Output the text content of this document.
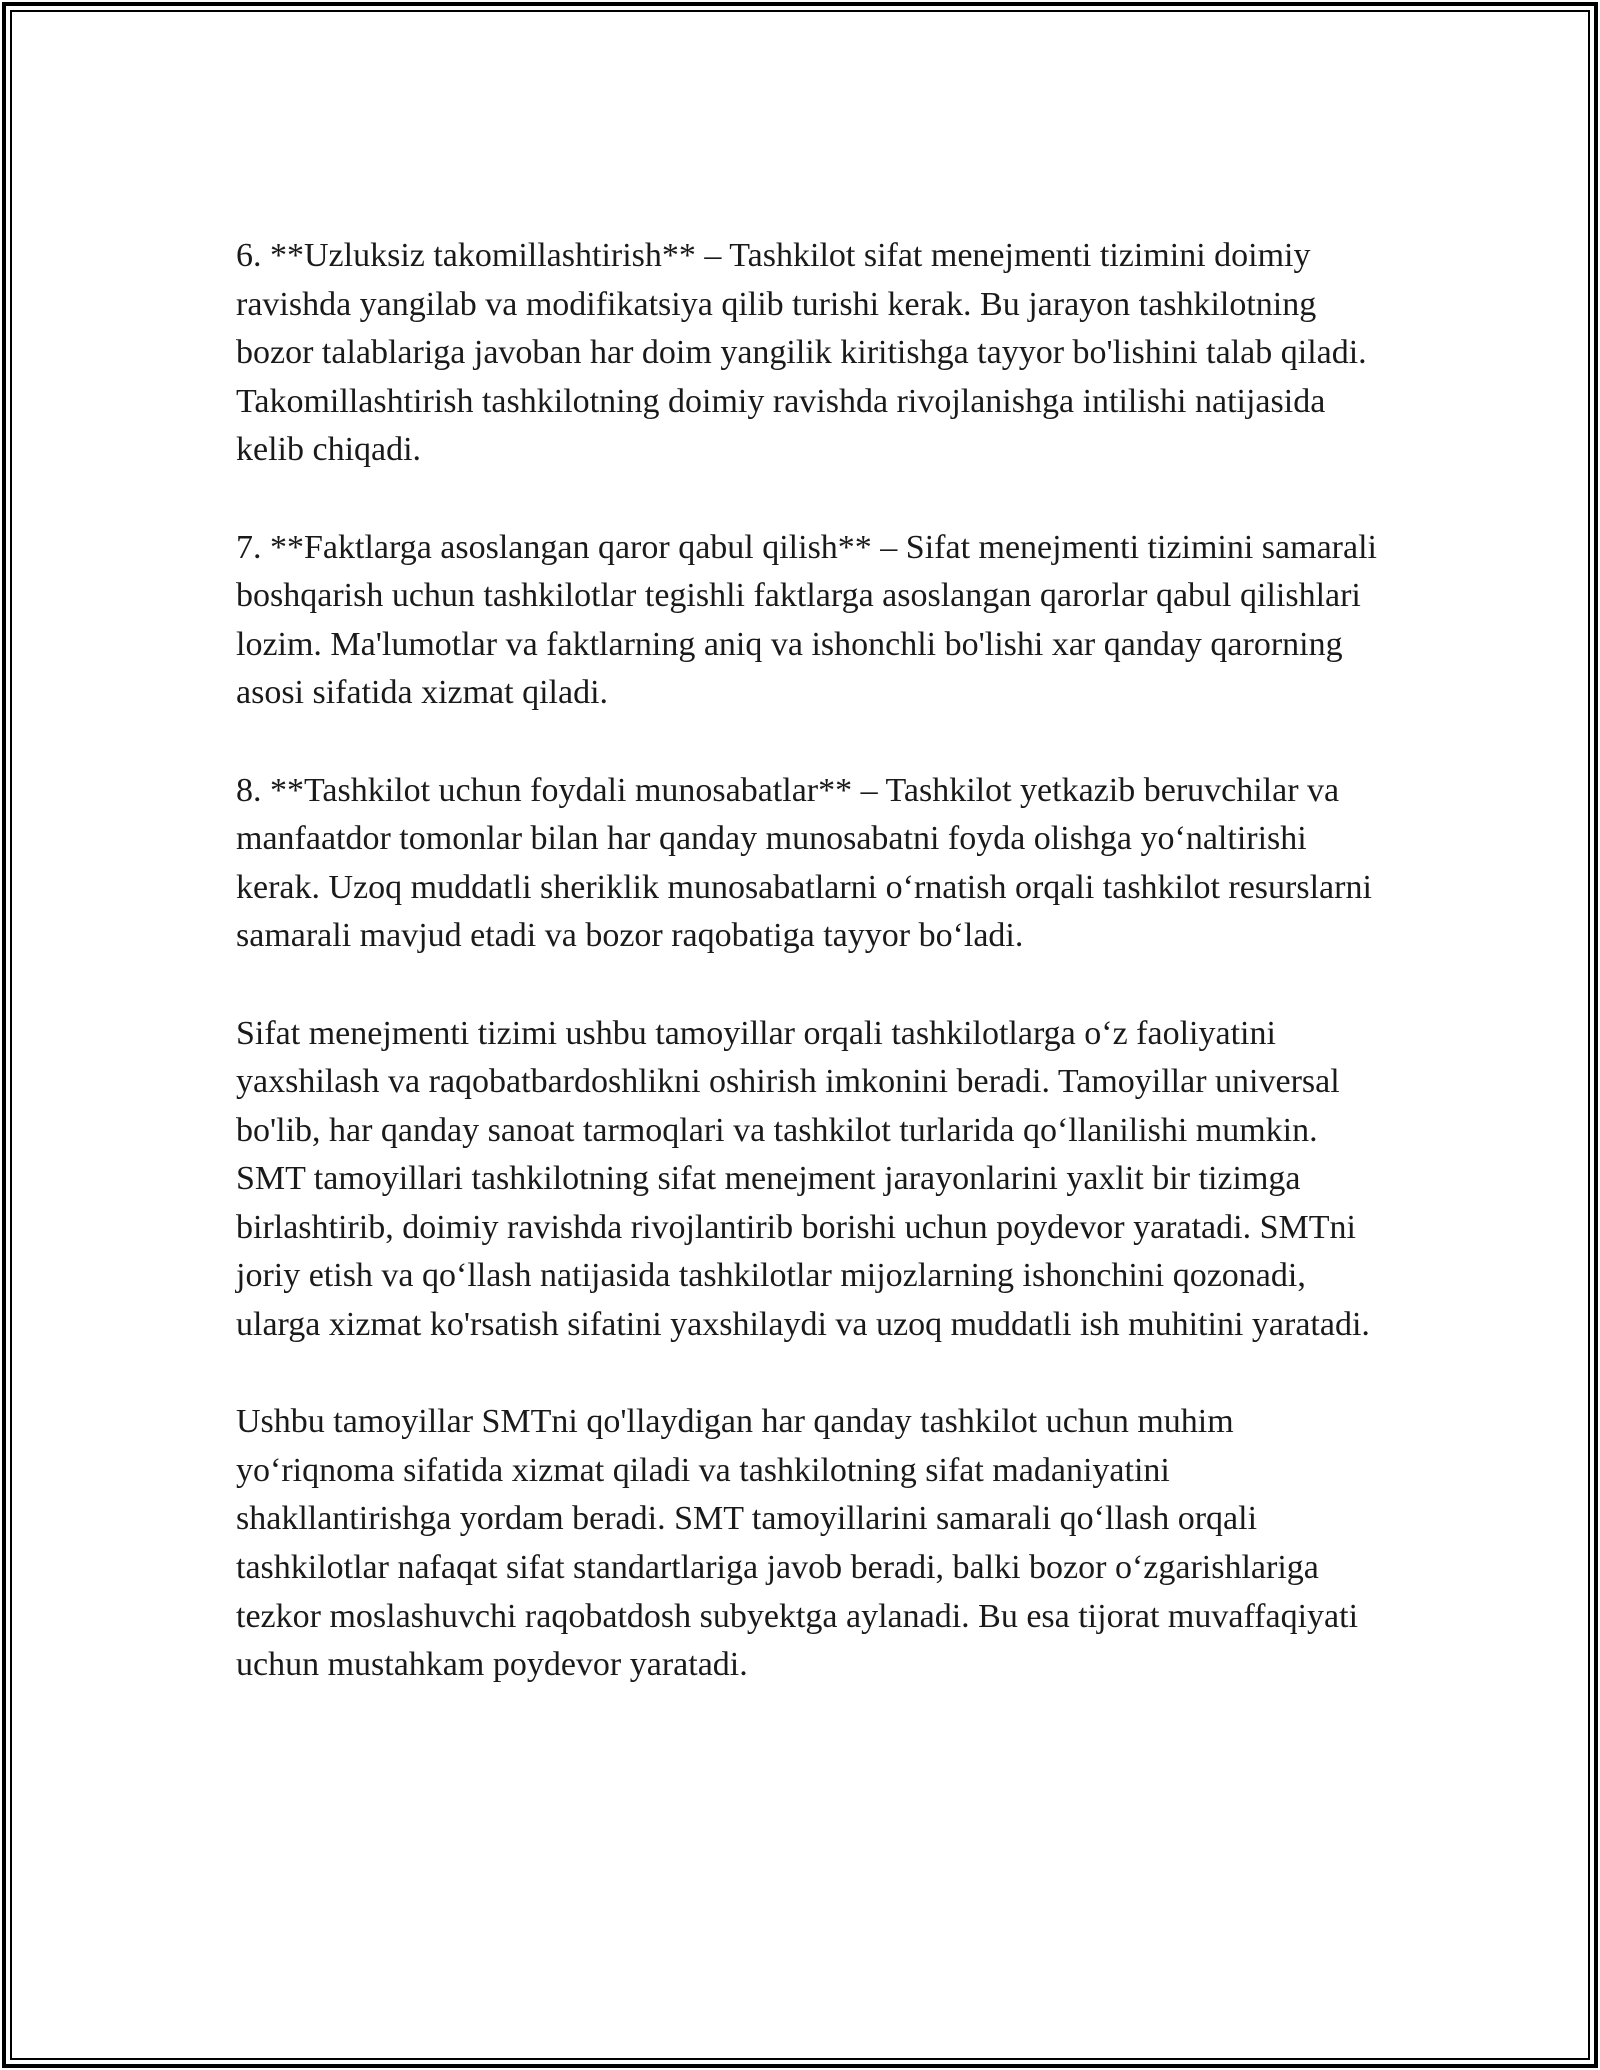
6. **Uzluksiz takomillashtirish** – Tashkilot sifat menejmenti tizimini doimiy ravishda yangilab va modifikatsiya qilib turishi kerak. Bu jarayon tashkilotning bozor talablariga javoban har doim yangilik kiritishga tayyor bo'lishini talab qiladi. Takomillashtirish tashkilotning doimiy ravishda rivojlanishga intilishi natijasida kelib chiqadi.

7. **Faktlarga asoslangan qaror qabul qilish** – Sifat menejmenti tizimini samarali boshqarish uchun tashkilotlar tegishli faktlarga asoslangan qarorlar qabul qilishlari lozim. Ma'lumotlar va faktlarning aniq va ishonchli bo'lishi xar qanday qarorning asosi sifatida xizmat qiladi.

8. **Tashkilot uchun foydali munosabatlar** – Tashkilot yetkazib beruvchilar va manfaatdor tomonlar bilan har qanday munosabatni foyda olishga yo‘naltirishi kerak. Uzoq muddatli sheriklik munosabatlarni o‘rnatish orqali tashkilot resurslarni samarali mavjud etadi va bozor raqobatiga tayyor bo‘ladi.

Sifat menejmenti tizimi ushbu tamoyillar orqali tashkilotlarga o‘z faoliyatini yaxshilash va raqobatbardoshlikni oshirish imkonini beradi. Tamoyillar universal bo'lib, har qanday sanoat tarmoqlari va tashkilot turlarida qo‘llanilishi mumkin. SMT tamoyillari tashkilotning sifat menejment jarayonlarini yaxlit bir tizimga birlashtirib, doimiy ravishda rivojlantirib borishi uchun poydevor yaratadi. SMTni joriy etish va qo‘llash natijasida tashkilotlar mijozlarning ishonchini qozonadi, ularga xizmat ko'rsatish sifatini yaxshilaydi va uzoq muddatli ish muhitini yaratadi.

Ushbu tamoyillar SMTni qo'llaydigan har qanday tashkilot uchun muhim yo‘riqnoma sifatida xizmat qiladi va tashkilotning sifat madaniyatini shakllantirishga yordam beradi. SMT tamoyillarini samarali qo‘llash orqali tashkilotlar nafaqat sifat standartlariga javob beradi, balki bozor o‘zgarishlariga tezkor moslashuvchi raqobatdosh subyektga aylanadi. Bu esa tijorat muvaffaqiyati uchun mustahkam poydevor yaratadi.
